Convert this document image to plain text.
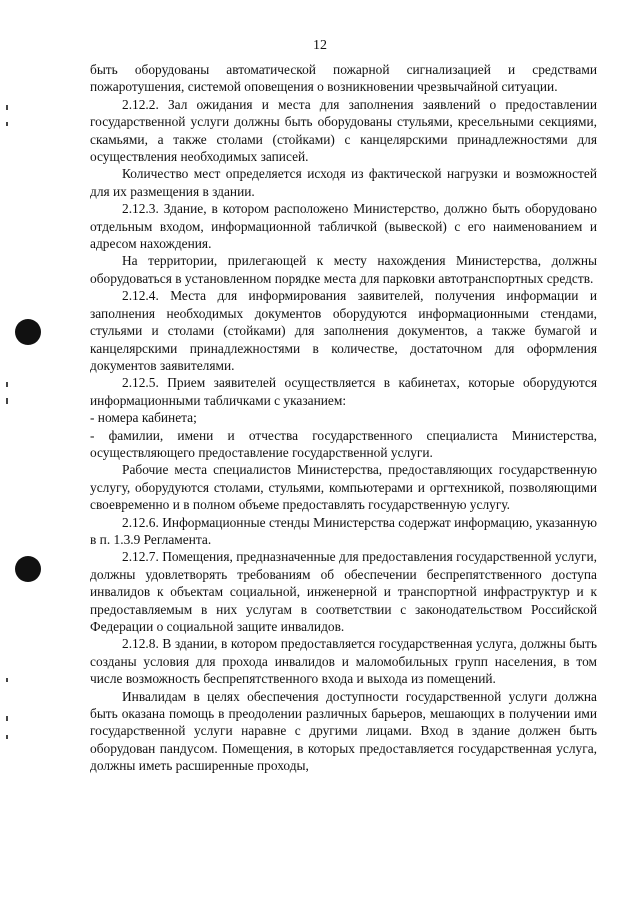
12

быть оборудованы автоматической пожарной сигнализацией и средствами пожаротушения, системой оповещения о возникновении чрезвычайной ситуации.

2.12.2. Зал ожидания и места для заполнения заявлений о предоставлении государственной услуги должны быть оборудованы стульями, кресельными секциями, скамьями, а также столами (стойками) с канцелярскими принадлежностями для осуществления необходимых записей.

Количество мест определяется исходя из фактической нагрузки и возможностей для их размещения в здании.

2.12.3. Здание, в котором расположено Министерство, должно быть оборудовано отдельным входом, информационной табличкой (вывеской) с его наименованием и адресом нахождения.

На территории, прилегающей к месту нахождения Министерства, должны оборудоваться в установленном порядке места для парковки автотранспортных средств.

2.12.4. Места для информирования заявителей, получения информации и заполнения необходимых документов оборудуются информационными стендами, стульями и столами (стойками) для заполнения документов, а также бумагой и канцелярскими принадлежностями в количестве, достаточном для оформления документов заявителями.

2.12.5. Прием заявителей осуществляется в кабинетах, которые оборудуются информационными табличками с указанием:

- номера кабинета;

- фамилии, имени и отчества государственного специалиста Министерства, осуществляющего предоставление государственной услуги.

Рабочие места специалистов Министерства, предоставляющих государственную услугу, оборудуются столами, стульями, компьютерами и оргтехникой, позволяющими своевременно и в полном объеме предоставлять государственную услугу.

2.12.6. Информационные стенды Министерства содержат информацию, указанную в п. 1.3.9 Регламента.

2.12.7. Помещения, предназначенные для предоставления государственной услуги, должны удовлетворять требованиям об обеспечении беспрепятственного доступа инвалидов к объектам социальной, инженерной и транспортной инфраструктур и к предоставляемым в них услугам в соответствии с законодательством Российской Федерации о социальной защите инвалидов.

2.12.8. В здании, в котором предоставляется государственная услуга, должны быть созданы условия для прохода инвалидов и маломобильных групп населения, в том числе возможность беспрепятственного входа и выхода из помещений.

Инвалидам в целях обеспечения доступности государственной услуги должна быть оказана помощь в преодолении различных барьеров, мешающих в получении ими государственной услуги наравне с другими лицами. Вход в здание должен быть оборудован пандусом. Помещения, в которых предоставляется государственная услуга, должны иметь расширенные проходы,
